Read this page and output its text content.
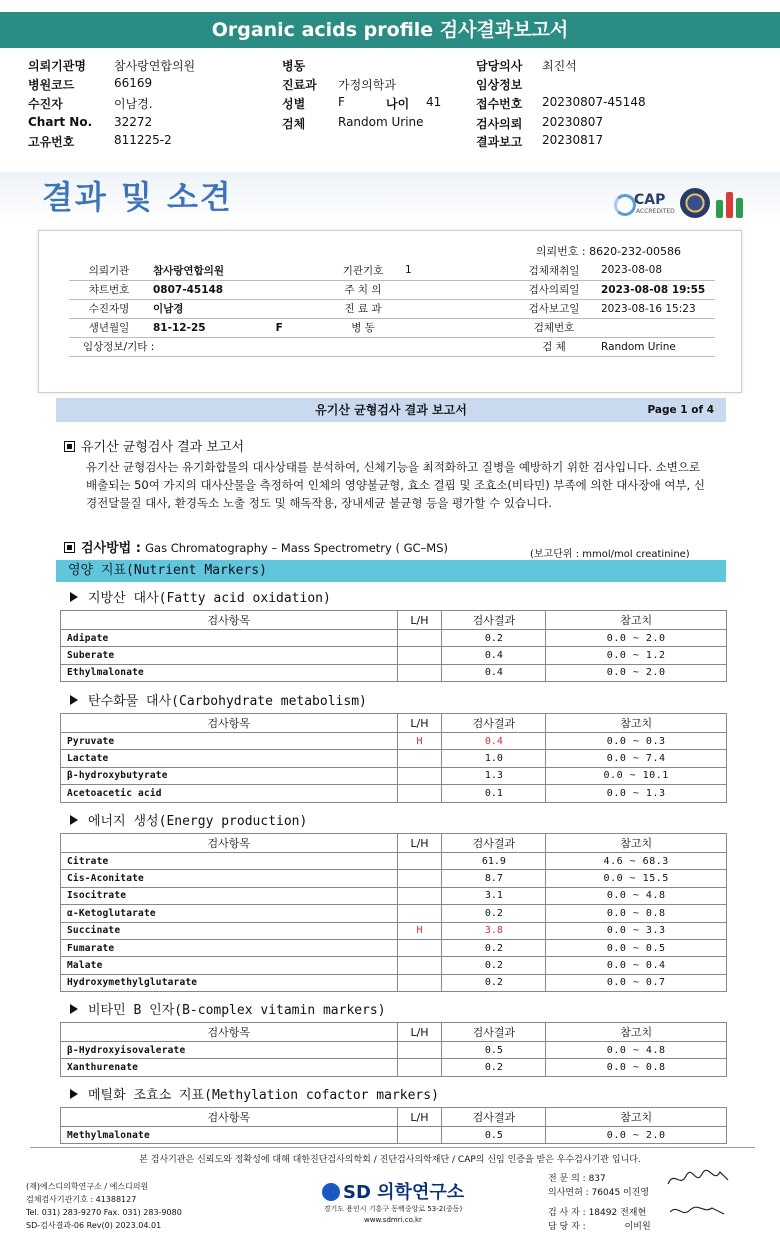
Organic acids profile 검사결과보고서
의뢰기관명 참사랑연합의원	병동	담당의사 최진석
병원코드	66169	진료과 가정의학과	임상정보
수진자	이남경.	성별	F	나이 41	접수번호 20230807-45148
Chart No. 32272	검체	Random Urine	검사의뢰 20230807
고유번호	811225-2	결과보고 20230817
결과 및 소견	CAP
ACCREDITED
의뢰번호 : 8620-232-00586
의뢰기관	참사랑연합의원	기관기호	1	검체채취일	2023-08-08
챠트번호	0807-45148	주 치 의		검사의뢰일	2023-08-08 19:55
수진자명	이남경	진 료 과		검사보고일	2023-08-16 15:23
생년월일	81-12-25 F	병 동		검체번호	
임상정보/기타 :				검 체	Random Urine
유기산 균형검사 결과 보고서	Page 1 of 4
유기산 균형검사 결과 보고서
유기산 균형검사는 유기화합물의 대사상태를 분석하여, 신체기능을 최적화하고 질병을 예방하기 위한 검사입니다. 소변으로 배출되는 50여 가지의 대사산물을 측정하여 인체의 영양불균형, 효소 결핍 및 조효소(비타민) 부족에 의한 대사장애 여부, 신경전달물질 대사, 환경독소 노출 정도 및 해독작용, 장내세균 불균형 등을 평가할 수 있습니다.
검사방법 : Gas Chromatography – Mass Spectrometry ( GC–MS)	(보고단위 : mmol/mol creatinine)
영양 지표(Nutrient Markers)
지방산 대사(Fatty acid oxidation)
검사항목	L/H	검사결과	참고치
Adipate		0.2	0.0 ~ 2.0
Suberate		0.4	0.0 ~ 1.2
Ethylmalonate		0.4	0.0 ~ 2.0
탄수화물 대사(Carbohydrate metabolism)
검사항목	L/H	검사결과	참고치
Pyruvate	H	0.4	0.0 ~ 0.3
Lactate		1.0	0.0 ~ 7.4
β-hydroxybutyrate		1.3	0.0 ~ 10.1
Acetoacetic acid		0.1	0.0 ~ 1.3
에너지 생성(Energy production)
검사항목	L/H	검사결과	참고치
Citrate		61.9	4.6 ~ 68.3
Cis-Aconitate		8.7	0.0 ~ 15.5
Isocitrate		3.1	0.0 ~ 4.8
α-Ketoglutarate		0.2	0.0 ~ 0.8
Succinate	H	3.8	0.0 ~ 3.3
Fumarate		0.2	0.0 ~ 0.5
Malate		0.2	0.0 ~ 0.4
Hydroxymethylglutarate		0.2	0.0 ~ 0.7
비타민 B 인자(B-complex vitamin markers)
검사항목	L/H	검사결과	참고치
β-Hydroxyisovalerate		0.5	0.0 ~ 4.8
Xanthurenate		0.2	0.0 ~ 0.8
메틸화 조효소 지표(Methylation cofactor markers)
검사항목	L/H	검사결과	참고치
Methylmalonate		0.5	0.0 ~ 2.0
본 검사기관은 신뢰도와 정확성에 대해 대한진단검사의학회 / 진단검사의학재단 / CAP의 신임 인증을 받은 우수검사기관 입니다.
(재)에스디의학연구소 / 에스디의원
검체검사기관기호 : 41388127
Tel. 031) 283-9270 Fax. 031) 283-9080
SD-검사결과-06 Rev(0) 2023.04.01
SD 의학연구소
경기도 용인시 기흥구 동백중앙로 53-2(중동)
www.sdmri.co.kr
전 문 의 : 837
의사면허 : 76045 이진영
검 사 자 : 18492 전재현
담 당 자 :	이비원
